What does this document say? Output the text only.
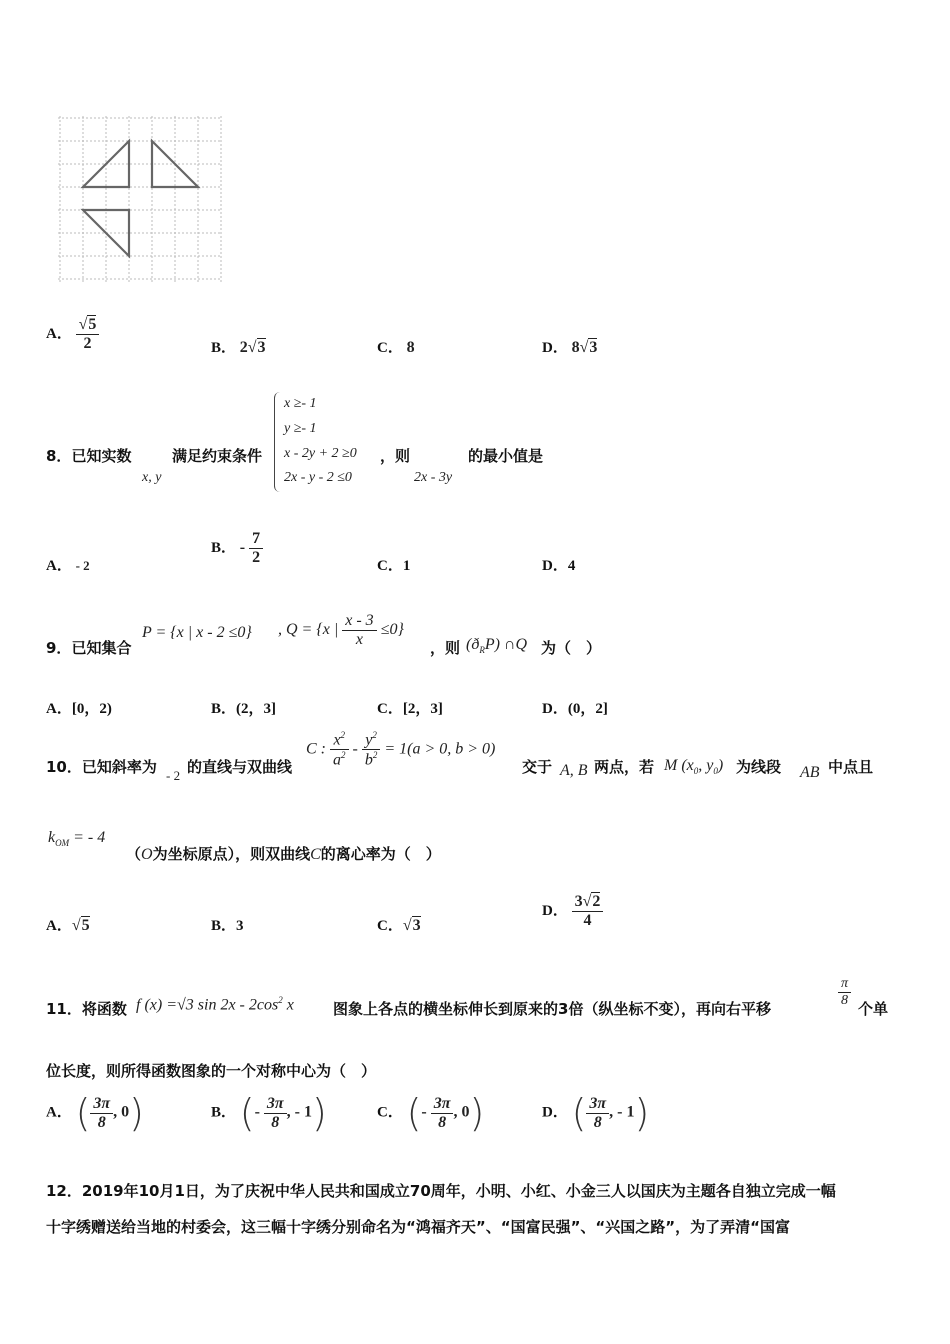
A． $\frac{√5}{2}$	B． 2√3	C． 8	D． 8√3
8．已知实数
x, y
满足约束条件
x ≥- 1
y ≥- 1
x - 2y + 2 ≥0
2x - y - 2 ≤0
，则
2x - 3y
的最小值是
A． - 2
B． - $\frac{7}{2}$	C．1	D．4
9．已知集合
P = {x | x - 2 ≤0} , Q = {x | $\frac{x - 3}{x} \le 0$}
，则 $(ð_RP)$ ∩Q 为（　）
A．[0，2)	B．(2，3]	C．[2，3]	D．(0，2]
10．已知斜率为 - 2 的直线与双曲线
C : $\frac{x^2}{a^2} - \frac{y^2}{b^2} = 1(a > 0$, b > 0)
交于 A, B 两点，若 M ($x_0$, $y_0$) 为线段 AB 中点且
$k_{OM}$ = - 4
（O为坐标原点），则双曲线C的离心率为（　）
A．√5	B．3	C．√3
D． $\frac{3√2}{4}$
11．将函数 f (x) =√3 $\sin 2x - 2\cos^2$ x	图象上各点的横坐标伸长到原来的3倍（纵坐标不变），再向右平移	$\frac{\pi}{8}$ 个单
位长度，则所得函数图象的一个对称中心为（　）
A． ( $\frac{3\pi}{8}$ , 0)	B． (- $\frac{3\pi}{8}$ , - 1)	C． (- $\frac{3\pi}{8}$ , 0)	D． ( $\frac{3\pi}{8}$ , - 1)
12．2019年10月1日，为了庆祝中华人民共和国成立70周年，小明、小红、小金三人以国庆为主题各自独立完成一幅
十字绣赠送给当地的村委会，这三幅十字绣分别命名为“鸿福齐天”、“国富民强”、“兴国之路”，为了弄清“国富
